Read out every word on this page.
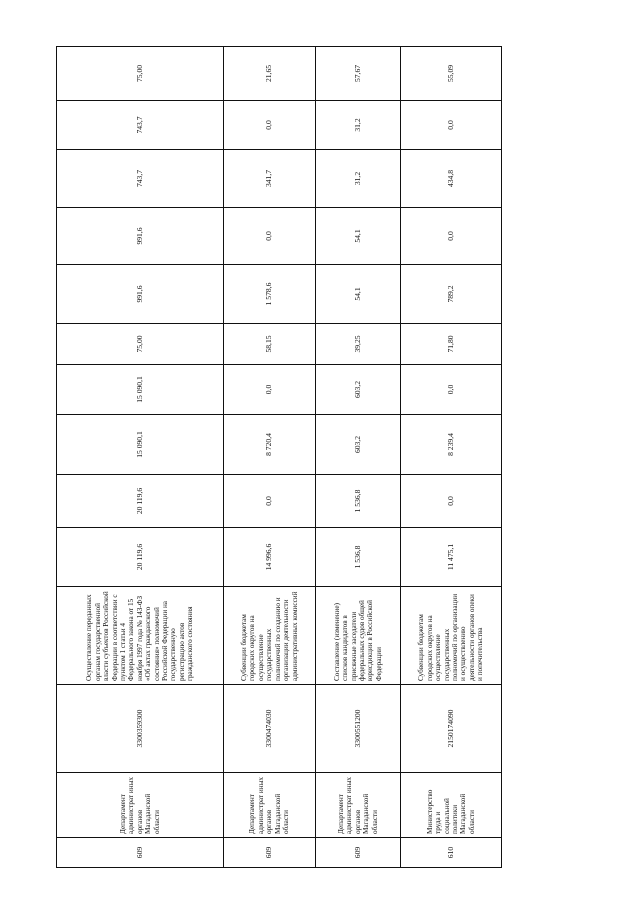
609
Департамент администрат иных органов Магаданской области
3300359300
Осуществление переданных органам государственной власти субъектов Российской Федерации в соответствии с пунктом 1 статьи 4 Федерального закона от 15 ноября 1997 года № 143-ФЗ «Об актах гражданского состояния» полномочий Российской Федерации на государственную регистрацию актов гражданского состояния
20 119,6
20 119,6
15 090,1
15 090,1
75,00
991,6
991,6
743,7
743,7
75,00
609
Департамент администрат иных органов Магаданской области
3300474030
Субвенции бюджетам городских округов на осуществление государственных полномочий по созданию и организации деятельности административных комиссий
14 996,6
0,0
8 720,4
0,0
58,15
1 578,6
0,0
341,7
0,0
21,65
609
Департамент администрат иных органов Магаданской области
3300551200
Составление (изменение) списков кандидатов в присяжные заседатели федеральных судов общей юрисдикции в Российской Федерации
1 536,8
1 536,8
603,2
603,2
39,25
54,1
54,1
31,2
31,2
57,67
610
Министерство труда и социальной политики Магаданской области
2150174090
Субвенции бюджетам городских округов на осуществление государственных полномочий по организации и осуществлению деятельности органов опеки и попечительства
11 475,1
0,0
8 239,4
0,0
71,80
789,2
0,0
434,8
0,0
55,09
